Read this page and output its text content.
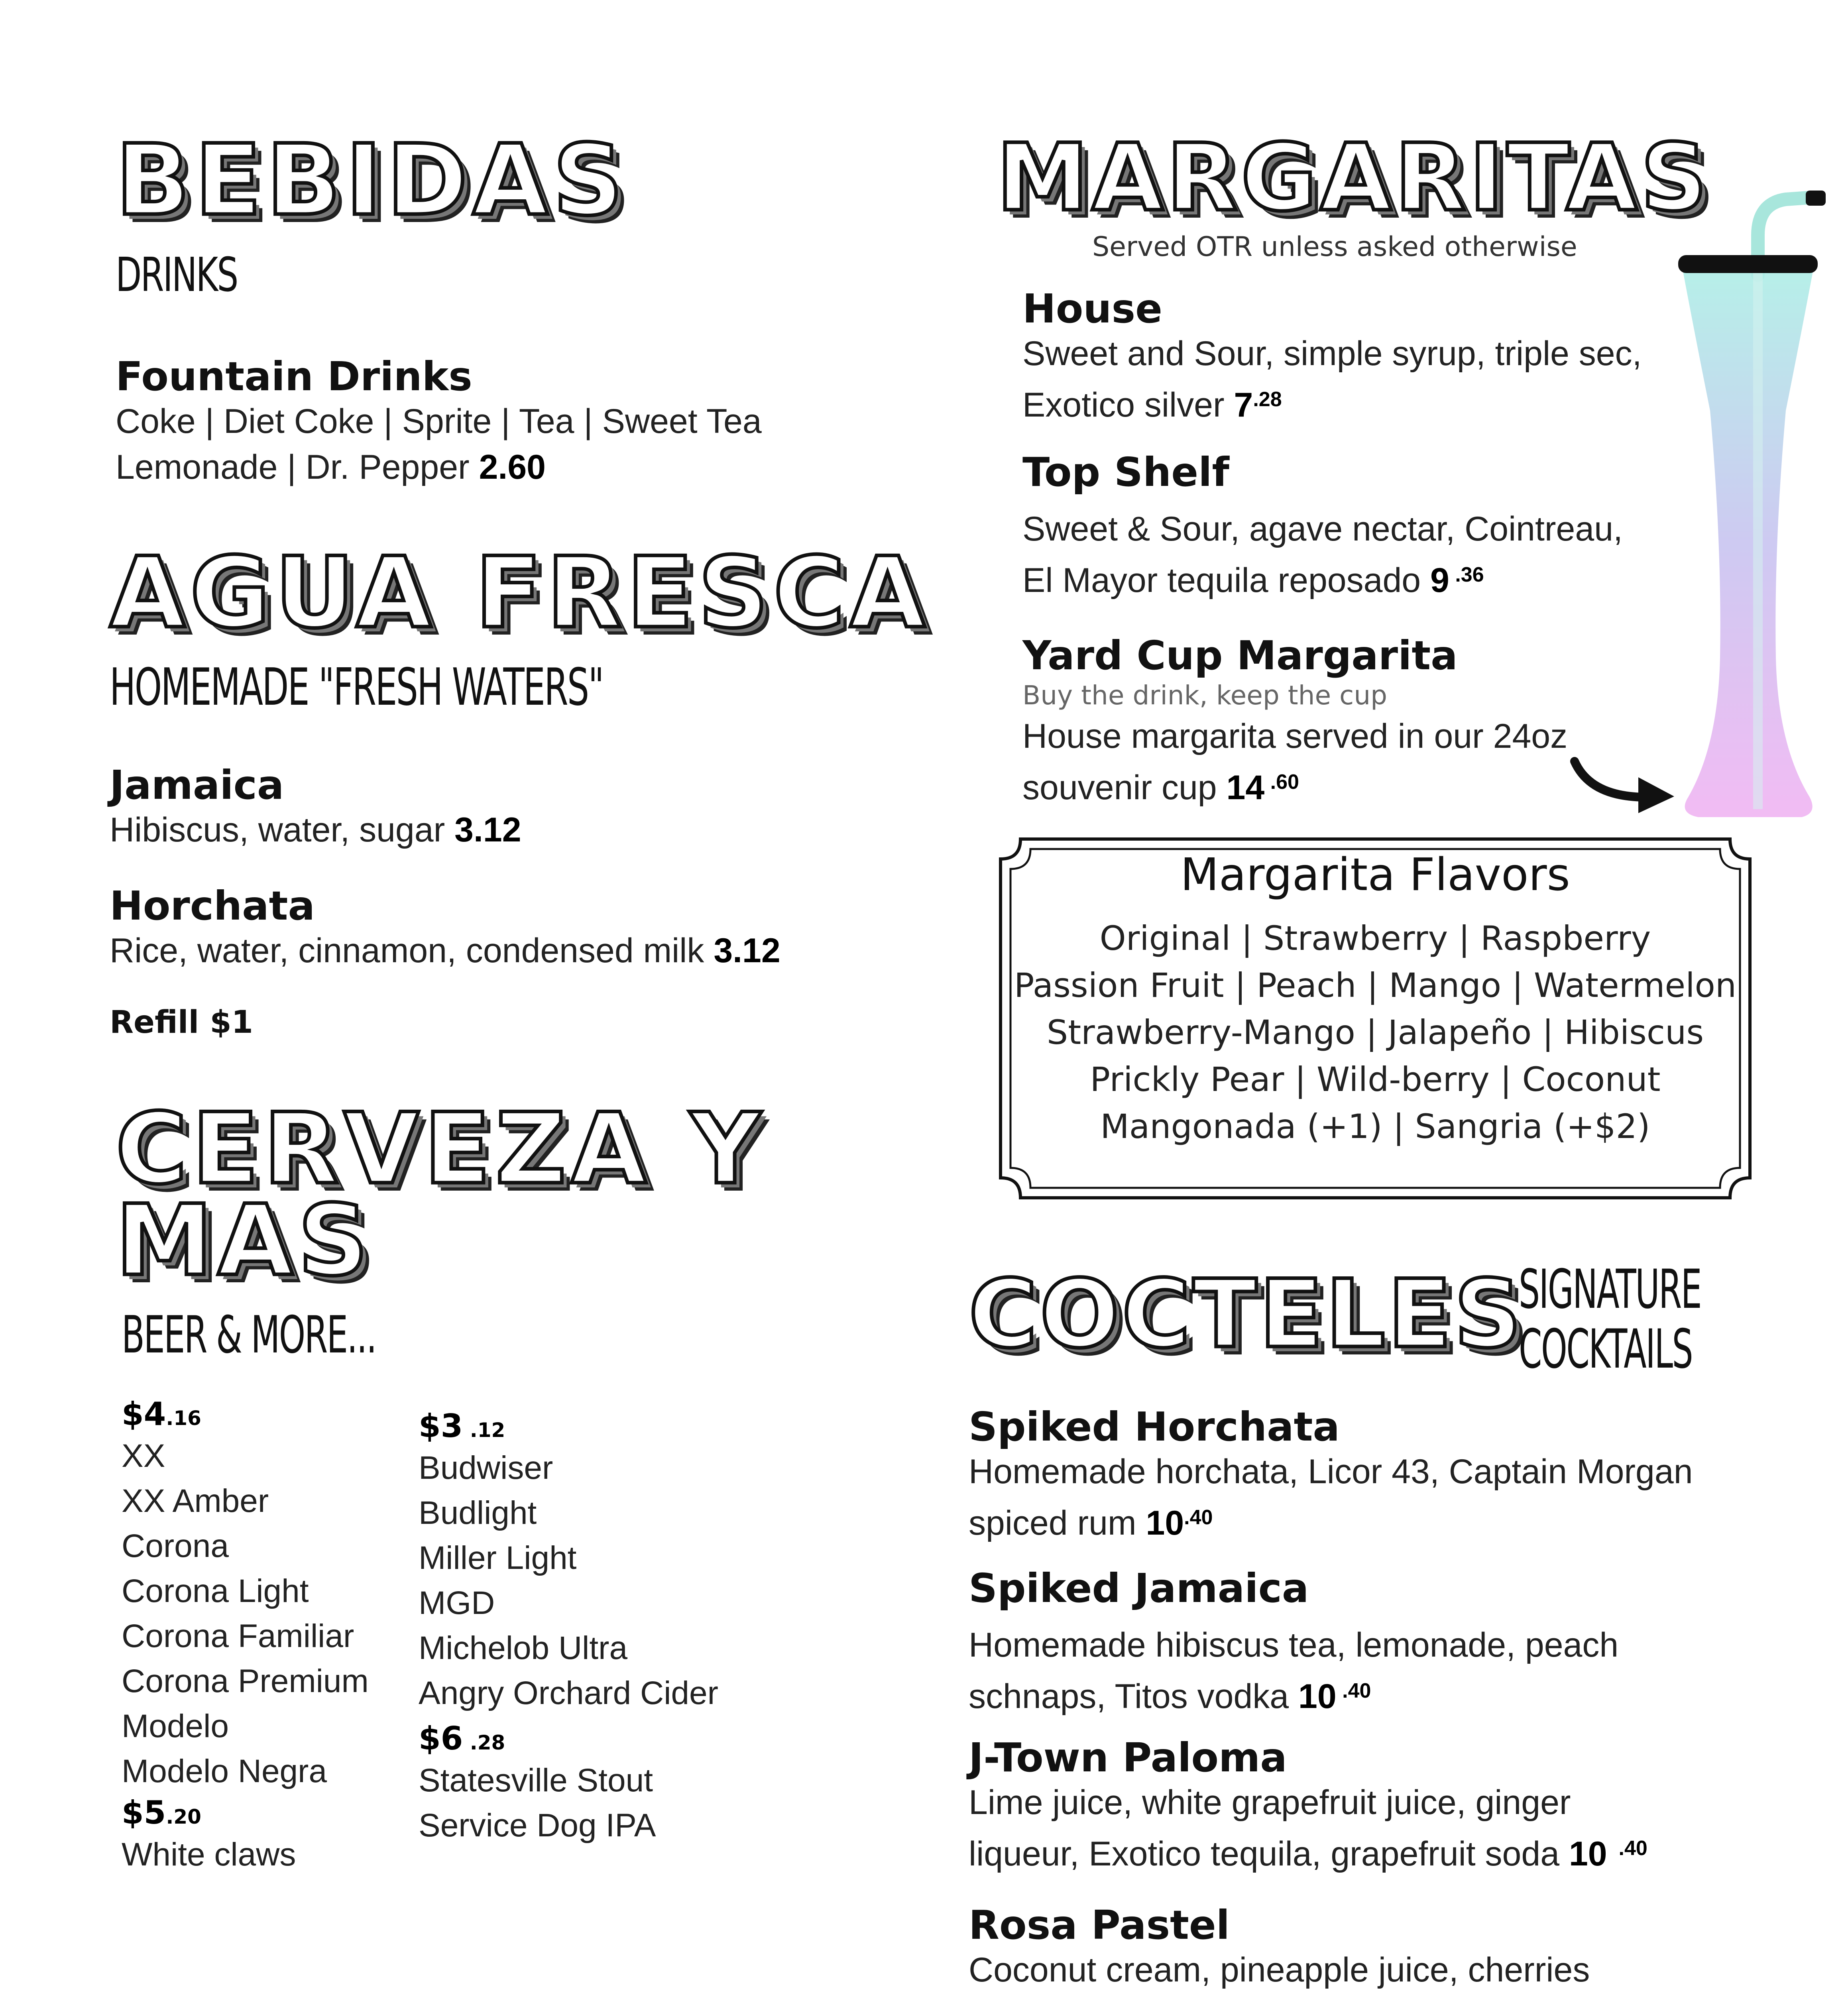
BEBIDAS
DRINKS
Fountain Drinks
Coke | Diet Coke | Sprite | Tea | Sweet Tea
Lemonade | Dr. Pepper 2.60
AGUA FRESCA
HOMEMADE "FRESH WATERS"
Jamaica
Hibiscus, water, sugar 3.12
Horchata
Rice, water, cinnamon, condensed milk 3.12
Refill $1
CERVEZA Y
MAS
BEER & MORE...
$4.16
XX
XX Amber
Corona
Corona Light
Corona Familiar
Corona Premium
Modelo
Modelo Negra
$5.20
White claws
$3 .12
Budwiser
Budlight
Miller Light
MGD
Michelob Ultra
Angry Orchard Cider
$6 .28
Statesville Stout
Service Dog IPA
MARGARITAS
Served OTR unless asked otherwise
House
Sweet and Sour, simple syrup, triple sec,
Exotico silver $7^{.28}$
Top Shelf
Sweet & Sour, agave nectar, Cointreau,
El Mayor tequila reposado 9 $^{.36}$
Yard Cup Margarita
Buy the drink, keep the cup
House margarita served in our 24oz
souvenir cup 14 $^{.60}$
Margarita Flavors
Original | Strawberry | Raspberry
Passion Fruit | Peach | Mango | Watermelon
Strawberry-Mango | Jalapeño | Hibiscus
Prickly Pear | Wild-berry | Coconut
Mangonada (+1) | Sangria (+$2)
COCTELES
SIGNATURE
COCKTAILS
Spiked Horchata
Homemade horchata, Licor 43, Captain Morgan
spiced rum $10^{.40}$
Spiked Jamaica
Homemade hibiscus tea, lemonade, peach
schnaps, Titos vodka 10 $^{.40}$
J-Town Paloma
Lime juice, white grapefruit juice, ginger
liqueur, Exotico tequila, grapefruit soda 10  $^{.40}$
Rosa Pastel
Coconut cream, pineapple juice, cherries
